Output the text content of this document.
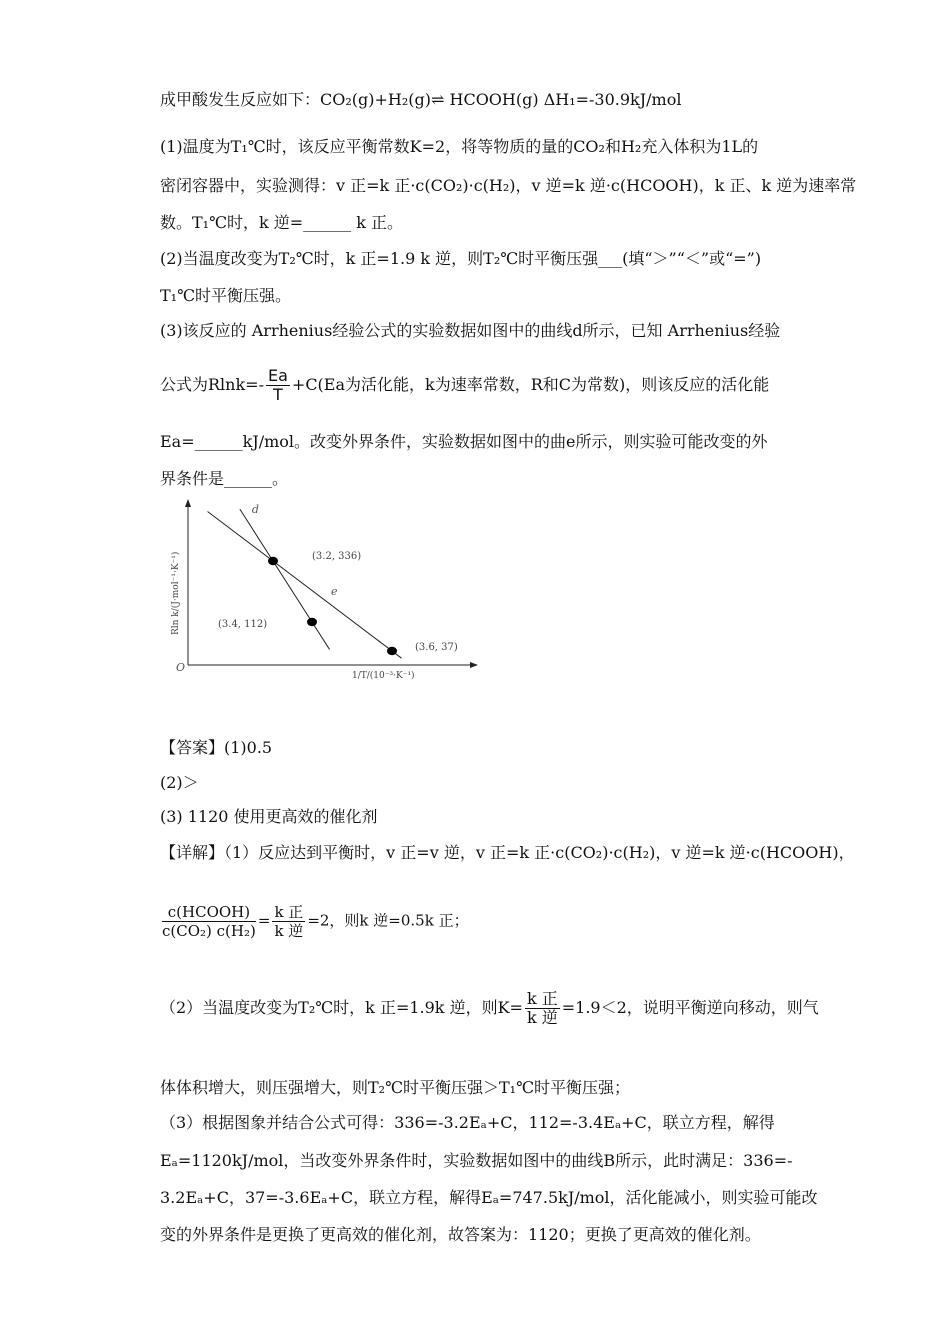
成甲酸发生反应如下：CO₂(g)+H₂(g)⇌ HCOOH(g) ΔH₁=-30.9kJ/mol
(1)温度为T₁℃时，该反应平衡常数K=2，将等物质的量的CO₂和H₂充入体积为1L的
密闭容器中，实验测得：v 正=k 正·c(CO₂)·c(H₂)，v 逆=k 逆·c(HCOOH)，k 正、k 逆为速率常
数。T₁℃时，k 逆=______ k 正。
(2)当温度改变为T₂℃时，k 正=1.9 k 逆，则T₂℃时平衡压强___(填“＞”“＜”或“=”)
T₁℃时平衡压强。
(3)该反应的 Arrhenius经验公式的实验数据如图中的曲线d所示，已知 Arrhenius经验
公式为$Rlnk=- \frac{Ea}{T} +C(Ea$为活化能，k为速率常数，R和C为常数)，则该反应的活化能
Ea=______kJ/mol。改变外界条件，实验数据如图中的曲e所示，则实验可能改变的外
界条件是______。
O
Rln k/(J·mol⁻¹·K⁻¹)
1/T/(10⁻³·K⁻¹)
d
e
(3.2, 336)
(3.4, 112)
(3.6, 37)
【答案】(1)0.5
(2)＞
(3) 1120 使用更高效的催化剂
【详解】（1）反应达到平衡时，v 正=v 逆，v 正=k 正·c(CO₂)·c(H₂)，v 逆=k 逆·c(HCOOH)，
c(HCOOH)
c(CO₂) c(H₂)
= k 正
k 逆
=2，则k 逆=0.5k 正；
（2）当温度改变为T₂℃时，k 正=1.9k 逆，则K= k 正
k 逆
=1.9＜2，说明平衡逆向移动，则气
体体积增大，则压强增大，则T₂℃时平衡压强＞T₁℃时平衡压强；
（3）根据图象并结合公式可得：336=-3.2Eₐ+C，112=-3.4Eₐ+C，联立方程，解得
Eₐ=1120kJ/mol，当改变外界条件时，实验数据如图中的曲线B所示，此时满足：336=-
3.2Eₐ+C，37=-3.6Eₐ+C，联立方程，解得Eₐ=747.5kJ/mol，活化能减小，则实验可能改
变的外界条件是更换了更高效的催化剂，故答案为：1120；更换了更高效的催化剂。
